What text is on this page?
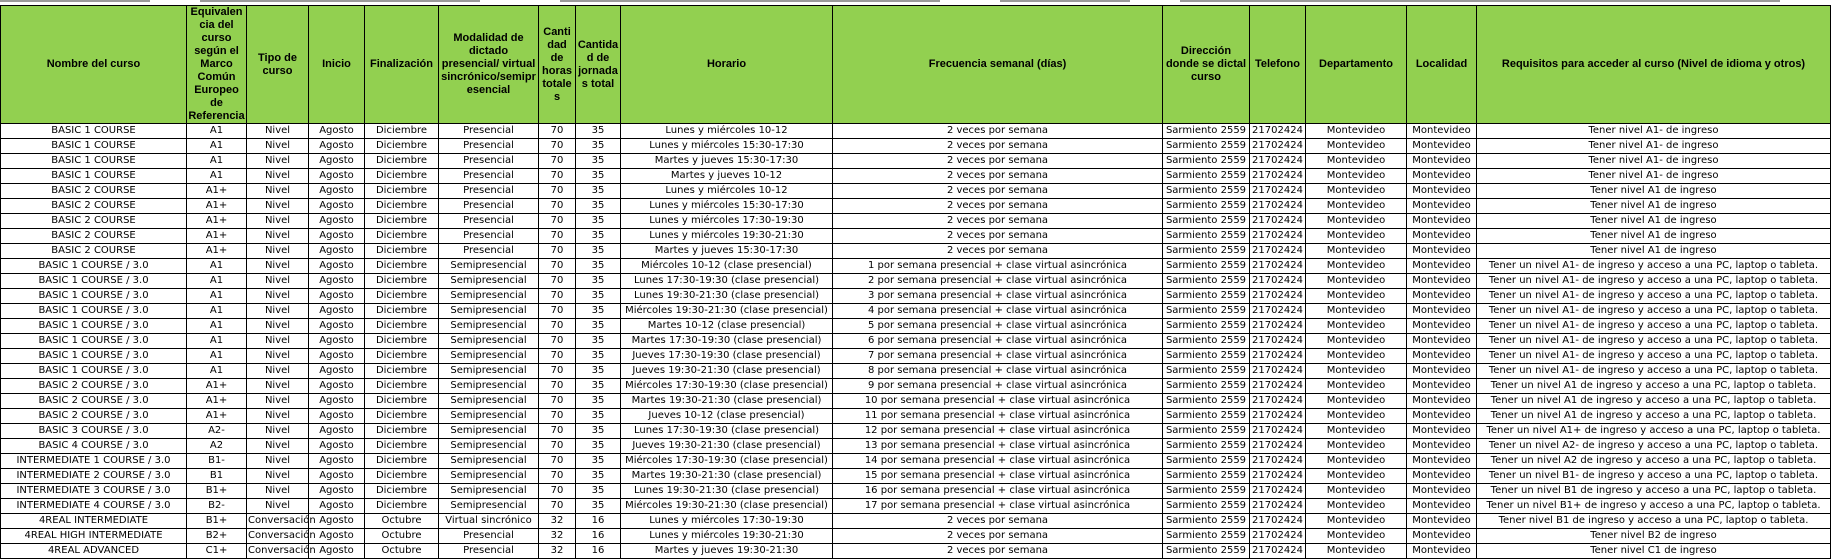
Nombre del curso	Equivalencia del curso según el Marco Común Europeo de Referencia	Tipo de curso	Inicio	Finalización	Modalidad de dictado presencial/ virtual sincrónico/semipresencial	Cantidad de horas totales	Cantidad de jornadas total	Horario	Frecuencia semanal (días)	Dirección donde se dictal curso	Telefono	Departamento	Localidad	Requisitos para acceder al curso (Nivel de idioma y otros)
BASIC 1 COURSE	A1	Nivel	Agosto	Diciembre	Presencial	70	35	Lunes y miércoles 10-12	2 veces por semana	Sarmiento 2559	21702424	Montevideo	Montevideo	Tener nivel A1- de ingreso
BASIC 1 COURSE	A1	Nivel	Agosto	Diciembre	Presencial	70	35	Lunes y miércoles 15:30-17:30	2 veces por semana	Sarmiento 2559	21702424	Montevideo	Montevideo	Tener nivel A1- de ingreso
BASIC 1 COURSE	A1	Nivel	Agosto	Diciembre	Presencial	70	35	Martes y jueves 15:30-17:30	2 veces por semana	Sarmiento 2559	21702424	Montevideo	Montevideo	Tener nivel A1- de ingreso
BASIC 1 COURSE	A1	Nivel	Agosto	Diciembre	Presencial	70	35	Martes y jueves 10-12	2 veces por semana	Sarmiento 2559	21702424	Montevideo	Montevideo	Tener nivel A1- de ingreso
BASIC 2 COURSE	A1+	Nivel	Agosto	Diciembre	Presencial	70	35	Lunes y miércoles 10-12	2 veces por semana	Sarmiento 2559	21702424	Montevideo	Montevideo	Tener nivel A1 de ingreso
BASIC 2 COURSE	A1+	Nivel	Agosto	Diciembre	Presencial	70	35	Lunes y miércoles 15:30-17:30	2 veces por semana	Sarmiento 2559	21702424	Montevideo	Montevideo	Tener nivel A1 de ingreso
BASIC 2 COURSE	A1+	Nivel	Agosto	Diciembre	Presencial	70	35	Lunes y miércoles 17:30-19:30	2 veces por semana	Sarmiento 2559	21702424	Montevideo	Montevideo	Tener nivel A1 de ingreso
BASIC 2 COURSE	A1+	Nivel	Agosto	Diciembre	Presencial	70	35	Lunes y miércoles 19:30-21:30	2 veces por semana	Sarmiento 2559	21702424	Montevideo	Montevideo	Tener nivel A1 de ingreso
BASIC 2 COURSE	A1+	Nivel	Agosto	Diciembre	Presencial	70	35	Martes y jueves 15:30-17:30	2 veces por semana	Sarmiento 2559	21702424	Montevideo	Montevideo	Tener nivel A1 de ingreso
BASIC 1 COURSE / 3.0	A1	Nivel	Agosto	Diciembre	Semipresencial	70	35	Miércoles 10-12 (clase presencial)	1 por semana presencial + clase virtual asincrónica	Sarmiento 2559	21702424	Montevideo	Montevideo	Tener un nivel A1- de ingreso y acceso a una PC, laptop o tableta.
BASIC 1 COURSE / 3.0	A1	Nivel	Agosto	Diciembre	Semipresencial	70	35	Lunes 17:30-19:30 (clase presencial)	2 por semana presencial + clase virtual asincrónica	Sarmiento 2559	21702424	Montevideo	Montevideo	Tener un nivel A1- de ingreso y acceso a una PC, laptop o tableta.
BASIC 1 COURSE / 3.0	A1	Nivel	Agosto	Diciembre	Semipresencial	70	35	Lunes 19:30-21:30 (clase presencial)	3 por semana presencial + clase virtual asincrónica	Sarmiento 2559	21702424	Montevideo	Montevideo	Tener un nivel A1- de ingreso y acceso a una PC, laptop o tableta.
BASIC 1 COURSE / 3.0	A1	Nivel	Agosto	Diciembre	Semipresencial	70	35	Miércoles 19:30-21:30 (clase presencial)	4 por semana presencial + clase virtual asincrónica	Sarmiento 2559	21702424	Montevideo	Montevideo	Tener un nivel A1- de ingreso y acceso a una PC, laptop o tableta.
BASIC 1 COURSE / 3.0	A1	Nivel	Agosto	Diciembre	Semipresencial	70	35	Martes 10-12 (clase presencial)	5 por semana presencial + clase virtual asincrónica	Sarmiento 2559	21702424	Montevideo	Montevideo	Tener un nivel A1- de ingreso y acceso a una PC, laptop o tableta.
BASIC 1 COURSE / 3.0	A1	Nivel	Agosto	Diciembre	Semipresencial	70	35	Martes 17:30-19:30 (clase presencial)	6 por semana presencial + clase virtual asincrónica	Sarmiento 2559	21702424	Montevideo	Montevideo	Tener un nivel A1- de ingreso y acceso a una PC, laptop o tableta.
BASIC 1 COURSE / 3.0	A1	Nivel	Agosto	Diciembre	Semipresencial	70	35	Jueves 17:30-19:30 (clase presencial)	7 por semana presencial + clase virtual asincrónica	Sarmiento 2559	21702424	Montevideo	Montevideo	Tener un nivel A1- de ingreso y acceso a una PC, laptop o tableta.
BASIC 1 COURSE / 3.0	A1	Nivel	Agosto	Diciembre	Semipresencial	70	35	Jueves 19:30-21:30 (clase presencial)	8 por semana presencial + clase virtual asincrónica	Sarmiento 2559	21702424	Montevideo	Montevideo	Tener un nivel A1- de ingreso y acceso a una PC, laptop o tableta.
BASIC 2 COURSE / 3.0	A1+	Nivel	Agosto	Diciembre	Semipresencial	70	35	Miércoles 17:30-19:30 (clase presencial)	9 por semana presencial + clase virtual asincrónica	Sarmiento 2559	21702424	Montevideo	Montevideo	Tener un nivel A1 de ingreso y acceso a una PC, laptop o tableta.
BASIC 2 COURSE / 3.0	A1+	Nivel	Agosto	Diciembre	Semipresencial	70	35	Martes 19:30-21:30 (clase presencial)	10 por semana presencial + clase virtual asincrónica	Sarmiento 2559	21702424	Montevideo	Montevideo	Tener un nivel A1 de ingreso y acceso a una PC, laptop o tableta.
BASIC 2 COURSE / 3.0	A1+	Nivel	Agosto	Diciembre	Semipresencial	70	35	Jueves 10-12 (clase presencial)	11 por semana presencial + clase virtual asincrónica	Sarmiento 2559	21702424	Montevideo	Montevideo	Tener un nivel A1 de ingreso y acceso a una PC, laptop o tableta.
BASIC 3 COURSE / 3.0	A2-	Nivel	Agosto	Diciembre	Semipresencial	70	35	Lunes 17:30-19:30 (clase presencial)	12 por semana presencial + clase virtual asincrónica	Sarmiento 2559	21702424	Montevideo	Montevideo	Tener un nivel A1+ de ingreso y acceso a una PC, laptop o tableta.
BASIC 4 COURSE / 3.0	A2	Nivel	Agosto	Diciembre	Semipresencial	70	35	Jueves 19:30-21:30 (clase presencial)	13 por semana presencial + clase virtual asincrónica	Sarmiento 2559	21702424	Montevideo	Montevideo	Tener un nivel A2- de ingreso y acceso a una PC, laptop o tableta.
INTERMEDIATE 1 COURSE / 3.0	B1-	Nivel	Agosto	Diciembre	Semipresencial	70	35	Miércoles 17:30-19:30 (clase presencial)	14 por semana presencial + clase virtual asincrónica	Sarmiento 2559	21702424	Montevideo	Montevideo	Tener un nivel A2 de ingreso y acceso a una PC, laptop o tableta.
INTERMEDIATE 2 COURSE / 3.0	B1	Nivel	Agosto	Diciembre	Semipresencial	70	35	Martes 19:30-21:30 (clase presencial)	15 por semana presencial + clase virtual asincrónica	Sarmiento 2559	21702424	Montevideo	Montevideo	Tener un nivel B1- de ingreso y acceso a una PC, laptop o tableta.
INTERMEDIATE 3 COURSE / 3.0	B1+	Nivel	Agosto	Diciembre	Semipresencial	70	35	Lunes 19:30-21:30 (clase presencial)	16 por semana presencial + clase virtual asincrónica	Sarmiento 2559	21702424	Montevideo	Montevideo	Tener un nivel B1 de ingreso y acceso a una PC, laptop o tableta.
INTERMEDIATE 4 COURSE / 3.0	B2-	Nivel	Agosto	Diciembre	Semipresencial	70	35	Miércoles 19:30-21:30 (clase presencial)	17 por semana presencial + clase virtual asincrónica	Sarmiento 2559	21702424	Montevideo	Montevideo	Tener un nivel B1+ de ingreso y acceso a una PC, laptop o tableta.
4REAL INTERMEDIATE	B1+	Conversación	Agosto	Octubre	Virtual sincrónico	32	16	Lunes y miércoles 17:30-19:30	2 veces por semana	Sarmiento 2559	21702424	Montevideo	Montevideo	Tener nivel B1 de ingreso y acceso a una PC, laptop o tableta.
4REAL HIGH INTERMEDIATE	B2+	Conversación	Agosto	Octubre	Presencial	32	16	Lunes y miércoles 19:30-21:30	2 veces por semana	Sarmiento 2559	21702424	Montevideo	Montevideo	Tener nivel B2 de ingreso
4REAL ADVANCED	C1+	Conversación	Agosto	Octubre	Presencial	32	16	Martes y jueves 19:30-21:30	2 veces por semana	Sarmiento 2559	21702424	Montevideo	Montevideo	Tener nivel C1 de ingreso
